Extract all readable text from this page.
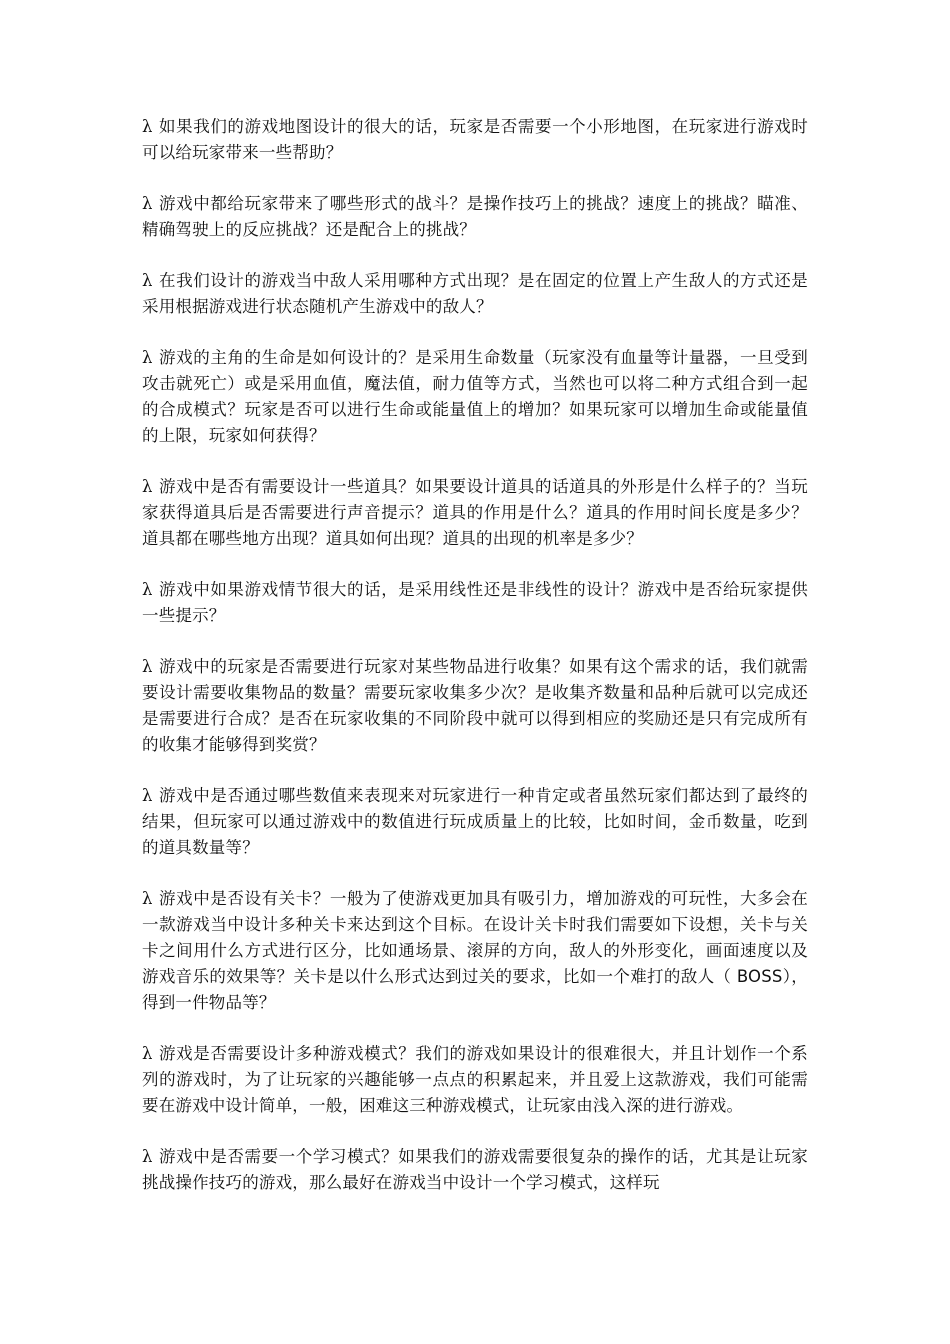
λ 如果我们的游戏地图设计的很大的话，玩家是否需要一个小形地图，在玩家进行游戏时可以给玩家带来一些帮助？

λ 游戏中都给玩家带来了哪些形式的战斗？是操作技巧上的挑战？速度上的挑战？瞄准、精确驾驶上的反应挑战？还是配合上的挑战？

λ 在我们设计的游戏当中敌人采用哪种方式出现？是在固定的位置上产生敌人的方式还是采用根据游戏进行状态随机产生游戏中的敌人？

λ 游戏的主角的生命是如何设计的？是采用生命数量（玩家没有血量等计量器，一旦受到攻击就死亡）或是采用血值，魔法值，耐力值等方式，当然也可以将二种方式组合到一起的合成模式？玩家是否可以进行生命或能量值上的增加？如果玩家可以增加生命或能量值的上限，玩家如何获得？

λ 游戏中是否有需要设计一些道具？如果要设计道具的话道具的外形是什么样子的？当玩家获得道具后是否需要进行声音提示？道具的作用是什么？道具的作用时间长度是多少？道具都在哪些地方出现？道具如何出现？道具的出现的机率是多少？

λ 游戏中如果游戏情节很大的话，是采用线性还是非线性的设计？游戏中是否给玩家提供一些提示？

λ 游戏中的玩家是否需要进行玩家对某些物品进行收集？如果有这个需求的话，我们就需要设计需要收集物品的数量？需要玩家收集多少次？是收集齐数量和品种后就可以完成还是需要进行合成？是否在玩家收集的不同阶段中就可以得到相应的奖励还是只有完成所有的收集才能够得到奖赏？

λ 游戏中是否通过哪些数值来表现来对玩家进行一种肯定或者虽然玩家们都达到了最终的结果，但玩家可以通过游戏中的数值进行玩成质量上的比较，比如时间，金币数量，吃到的道具数量等？

λ 游戏中是否设有关卡？一般为了使游戏更加具有吸引力，增加游戏的可玩性，大多会在一款游戏当中设计多种关卡来达到这个目标。在设计关卡时我们需要如下设想，关卡与关卡之间用什么方式进行区分，比如通场景、滚屏的方向，敌人的外形变化，画面速度以及游戏音乐的效果等？关卡是以什么形式达到过关的要求，比如一个难打的敌人（ BOSS），得到一件物品等？

λ 游戏是否需要设计多种游戏模式？我们的游戏如果设计的很难很大，并且计划作一个系列的游戏时，为了让玩家的兴趣能够一点点的积累起来，并且爱上这款游戏，我们可能需要在游戏中设计简单，一般，困难这三种游戏模式，让玩家由浅入深的进行游戏。

λ 游戏中是否需要一个学习模式？如果我们的游戏需要很复杂的操作的话，尤其是让玩家挑战操作技巧的游戏，那么最好在游戏当中设计一个学习模式，这样玩
